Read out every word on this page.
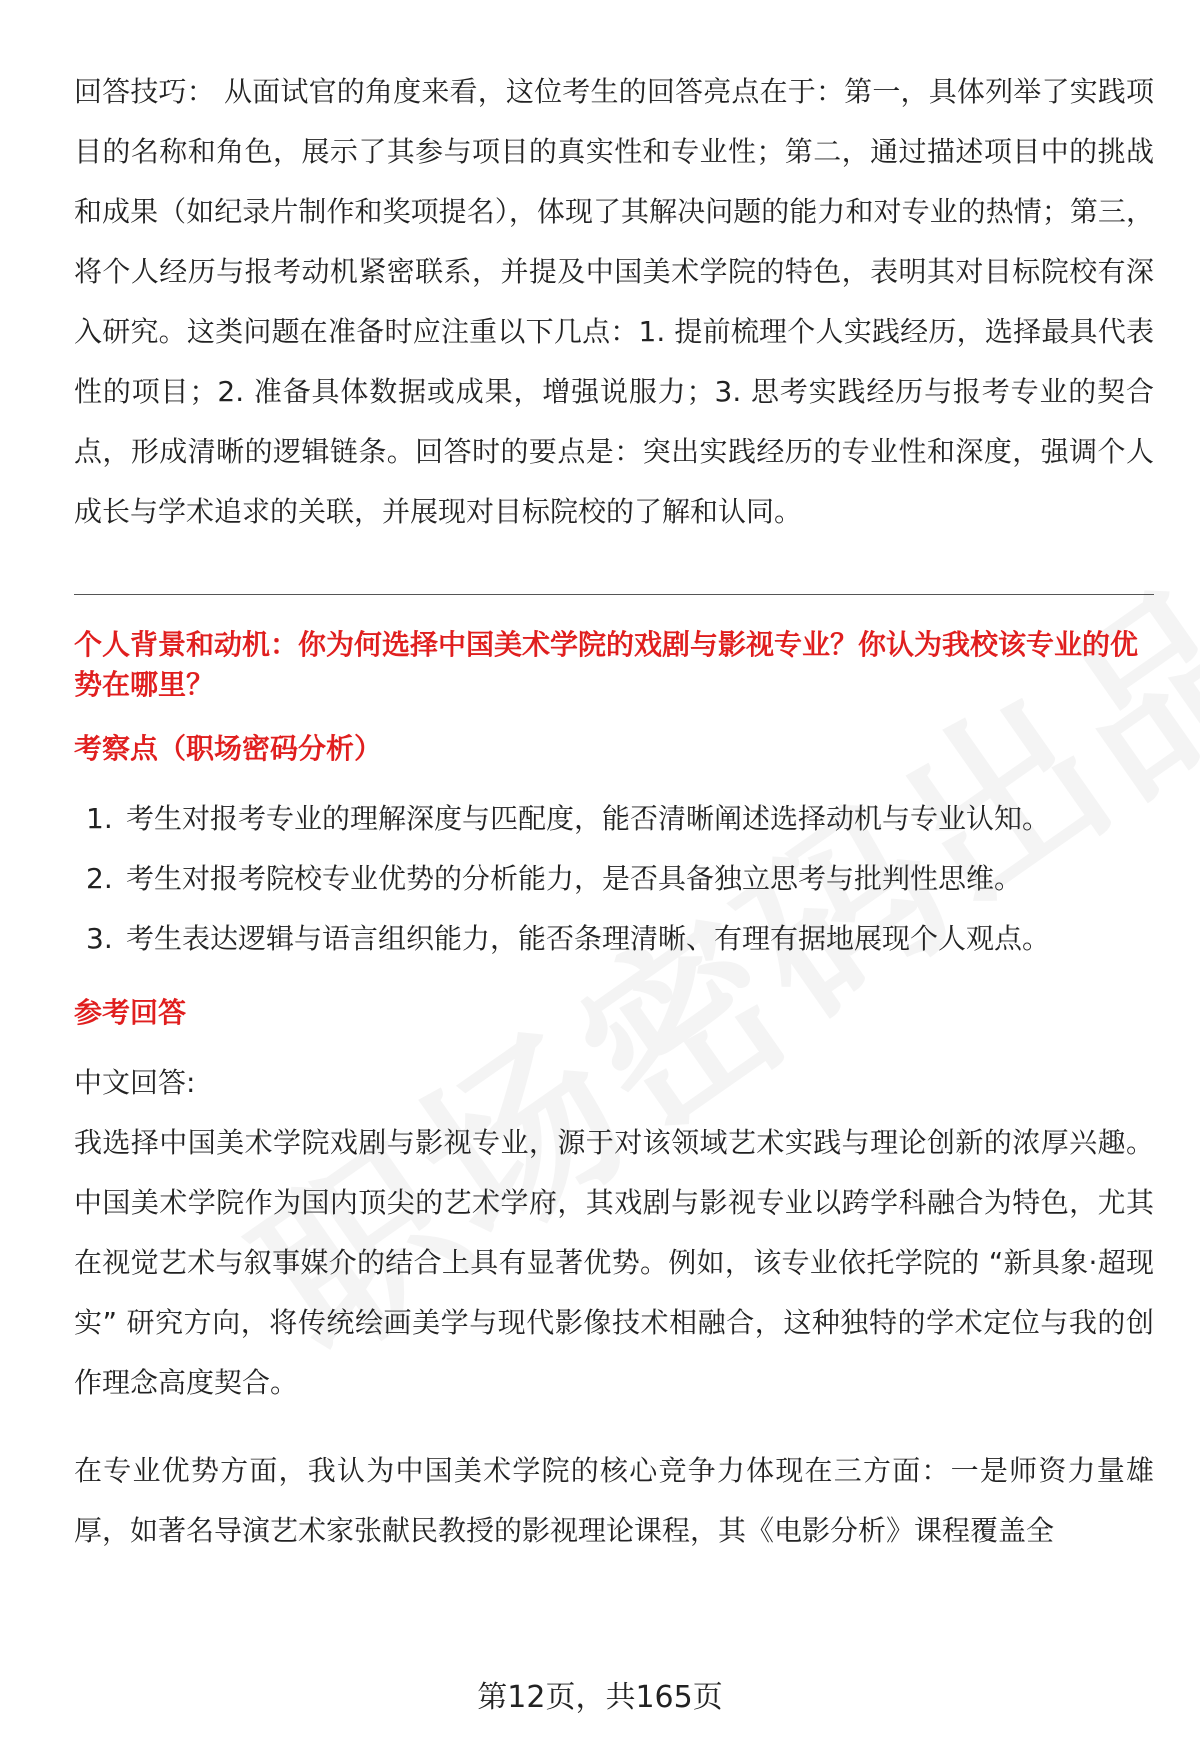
回答技巧： 从面试官的角度来看，这位考生的回答亮点在于：第一，具体列举了实践项目的名称和角色，展示了其参与项目的真实性和专业性；第二，通过描述项目中的挑战和成果（如纪录片制作和奖项提名），体现了其解决问题的能力和对专业的热情；第三，将个人经历与报考动机紧密联系，并提及中国美术学院的特色，表明其对目标院校有深入研究。这类问题在准备时应注重以下几点：1. 提前梳理个人实践经历，选择最具代表性的项目；2. 准备具体数据或成果，增强说服力；3. 思考实践经历与报考专业的契合点，形成清晰的逻辑链条。回答时的要点是：突出实践经历的专业性和深度，强调个人成长与学术追求的关联，并展现对目标院校的了解和认同。

个人背景和动机：你为何选择中国美术学院的戏剧与影视专业？你认为我校该专业的优势在哪里？

考察点（职场密码分析）

1. 考生对报考专业的理解深度与匹配度，能否清晰阐述选择动机与专业认知。
2. 考生对报考院校专业优势的分析能力，是否具备独立思考与批判性思维。
3. 考生表达逻辑与语言组织能力，能否条理清晰、有理有据地展现个人观点。

参考回答

中文回答:

我选择中国美术学院戏剧与影视专业，源于对该领域艺术实践与理论创新的浓厚兴趣。中国美术学院作为国内顶尖的艺术学府，其戏剧与影视专业以跨学科融合为特色，尤其在视觉艺术与叙事媒介的结合上具有显著优势。例如，该专业依托学院的 “新具象·超现实” 研究方向，将传统绘画美学与现代影像技术相融合，这种独特的学术定位与我的创作理念高度契合。

在专业优势方面，我认为中国美术学院的核心竞争力体现在三方面：一是师资力量雄厚，如著名导演艺术家张献民教授的影视理论课程，其《电影分析》课程覆盖全

第12页，共165页
